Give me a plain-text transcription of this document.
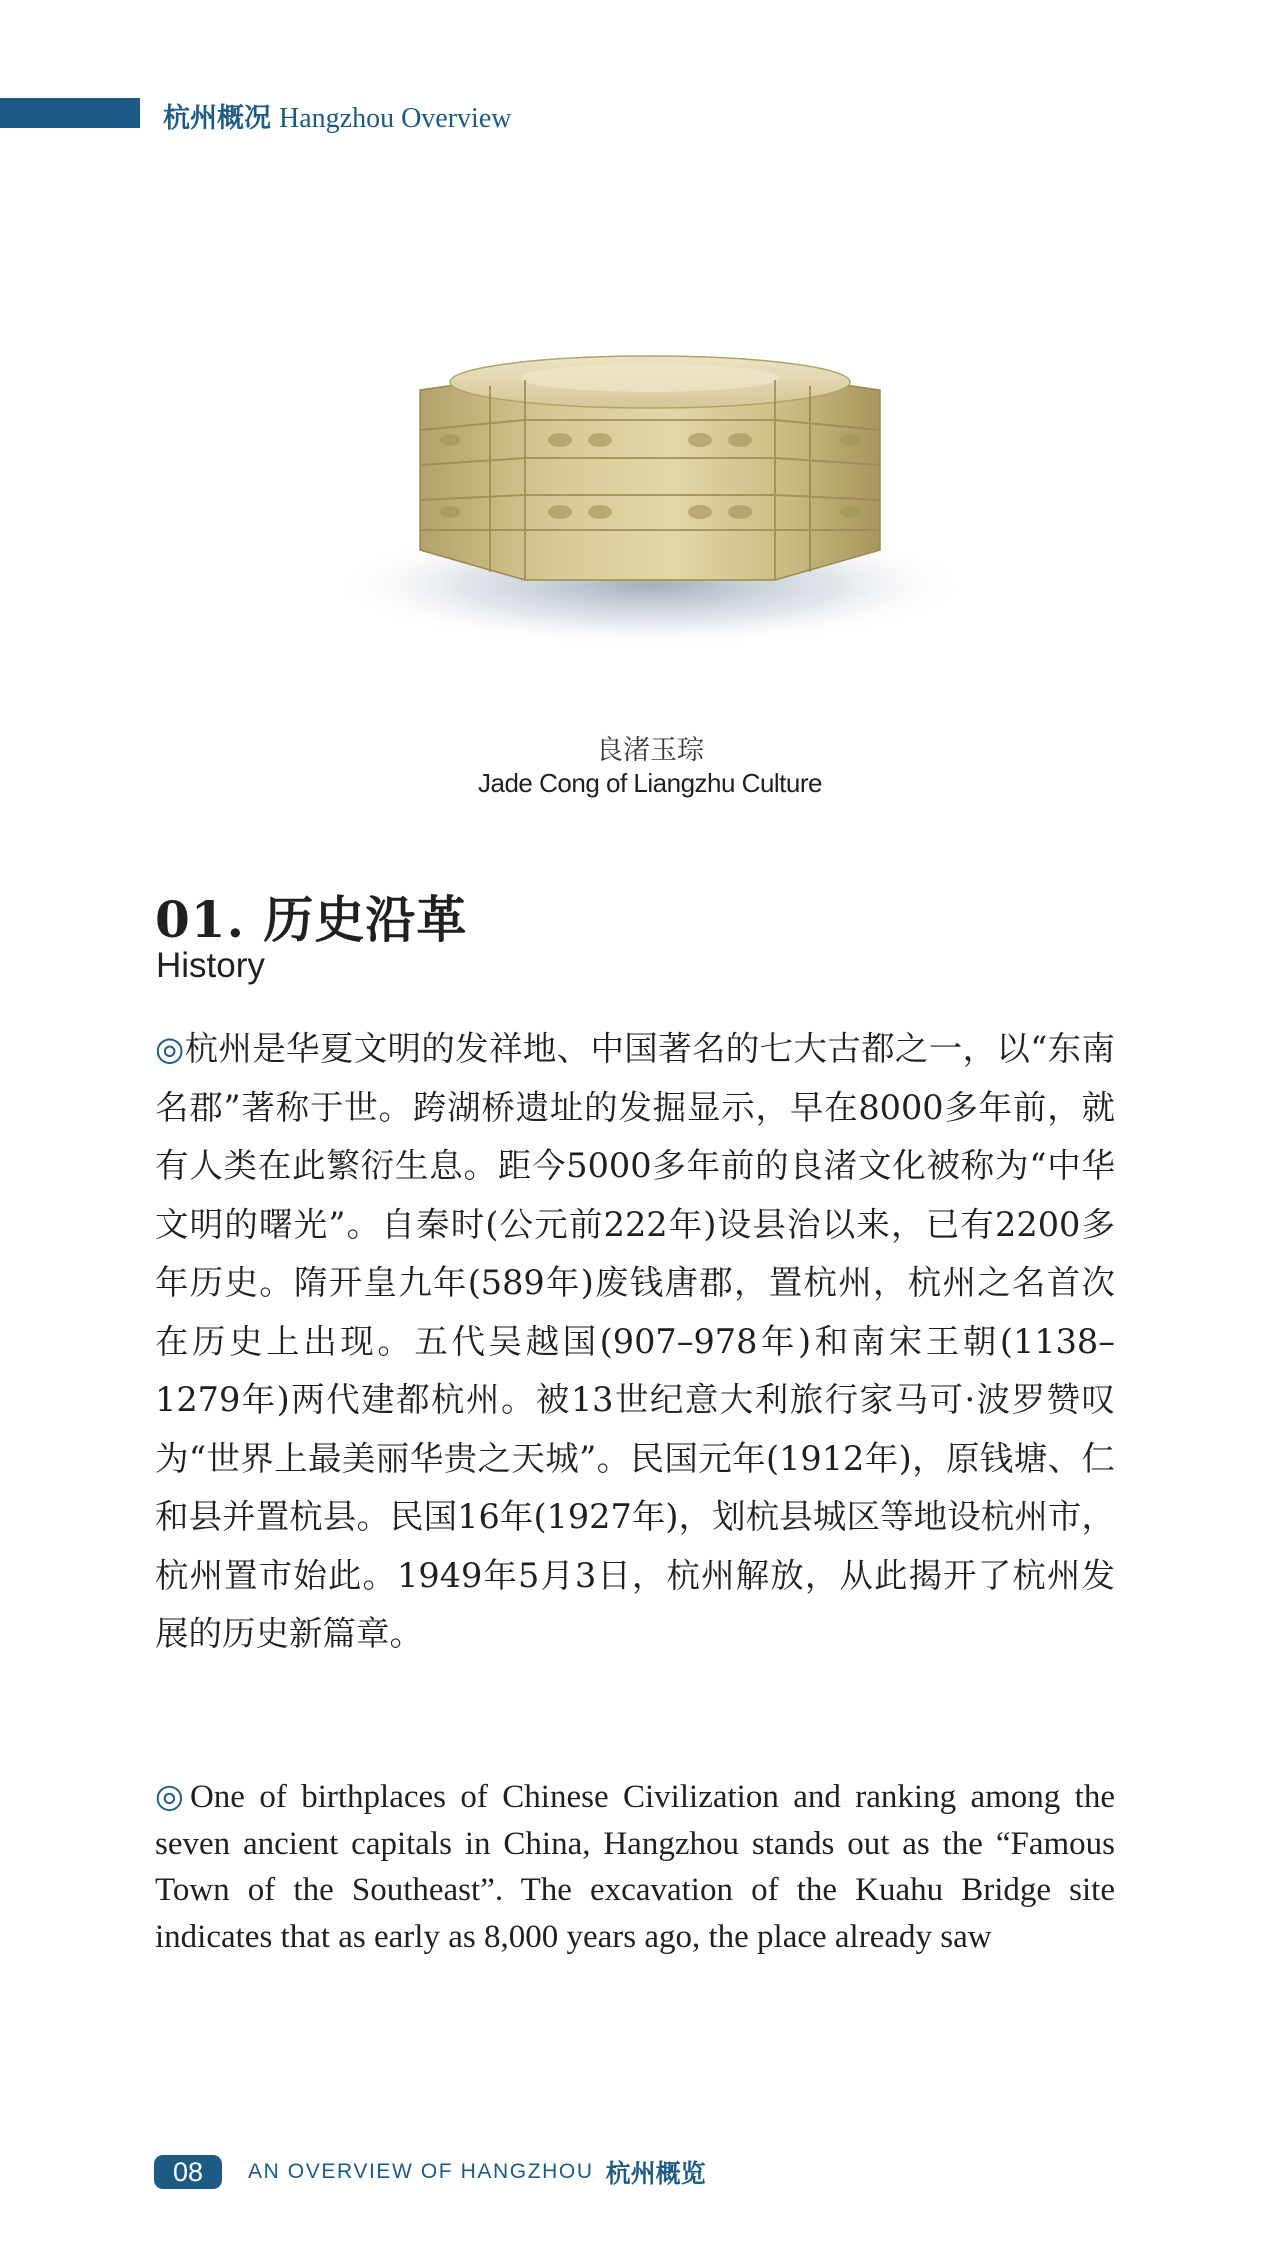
杭州概况 Hangzhou Overview
良渚玉琮
Jade Cong of Liangzhu Culture
01. 历史沿革
History

◎杭州是华夏文明的发祥地、中国著名的七大古都之一，以“东南名郡”著称于世。跨湖桥遗址的发掘显示，早在8000多年前，就有人类在此繁衍生息。距今5000多年前的良渚文化被称为“中华文明的曙光”。自秦时(公元前222年)设县治以来，已有2200多年历史。隋开皇九年(589年)废钱唐郡，置杭州，杭州之名首次在历史上出现。五代吴越国(907–978年)和南宋王朝(1138–1279年)两代建都杭州。被13世纪意大利旅行家马可·波罗赞叹为“世界上最美丽华贵之天城”。民国元年(1912年)，原钱塘、仁和县并置杭县。民国16年(1927年)，划杭县城区等地设杭州市，杭州置市始此。1949年5月3日，杭州解放，从此揭开了杭州发展的历史新篇章。

◎One of birthplaces of Chinese Civilization and ranking among the seven ancient capitals in China, Hangzhou stands out as the “Famous Town of the Southeast”. The excavation of the Kuahu Bridge site indicates that as early as 8,000 years ago, the place already saw

08	AN OVERVIEW OF HANGZHOU 杭州概览
